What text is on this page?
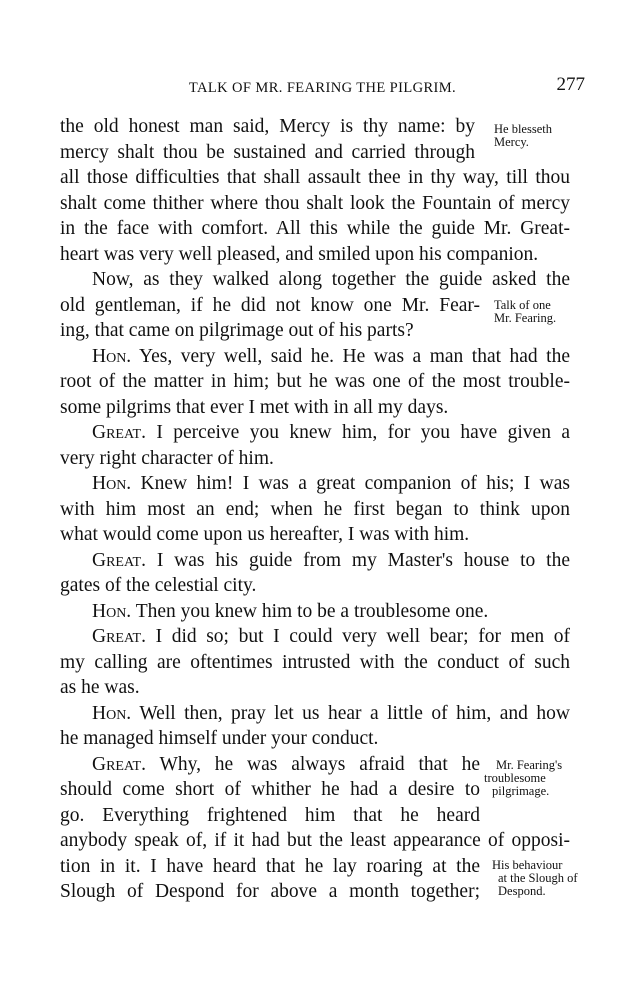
TALK OF MR. FEARING THE PILGRIM.	277
the old honest man said, Mercy is thy name: by
mercy shalt thou be sustained and carried through
all those difficulties that shall assault thee in thy way, till thou
shalt come thither where thou shalt look the Fountain of mercy
in the face with comfort. All this while the guide Mr. Great-
heart was very well pleased, and smiled upon his companion.
Now, as they walked along together the guide asked the
old gentleman, if he did not know one Mr. Fear-
ing, that came on pilgrimage out of his parts?
Hon. Yes, very well, said he. He was a man that had the
root of the matter in him; but he was one of the most trouble-
some pilgrims that ever I met with in all my days.
Great. I perceive you knew him, for you have given a
very right character of him.
Hon. Knew him! I was a great companion of his; I was
with him most an end; when he first began to think upon
what would come upon us hereafter, I was with him.
Great. I was his guide from my Master's house to the
gates of the celestial city.
Hon. Then you knew him to be a troublesome one.
Great. I did so; but I could very well bear; for men of
my calling are oftentimes intrusted with the conduct of such
as he was.
Hon. Well then, pray let us hear a little of him, and how
he managed himself under your conduct.
Great. Why, he was always afraid that he
should come short of whither he had a desire to
go. Everything frightened him that he heard
anybody speak of, if it had but the least appearance of opposi-
tion in it. I have heard that he lay roaring at the
Slough of Despond for above a month together;
He blesseth
Mercy.
Talk of one
Mr. Fearing.
Mr. Fearing's
troublesome
pilgrimage.
His behaviour
at the Slough of
Despond.
